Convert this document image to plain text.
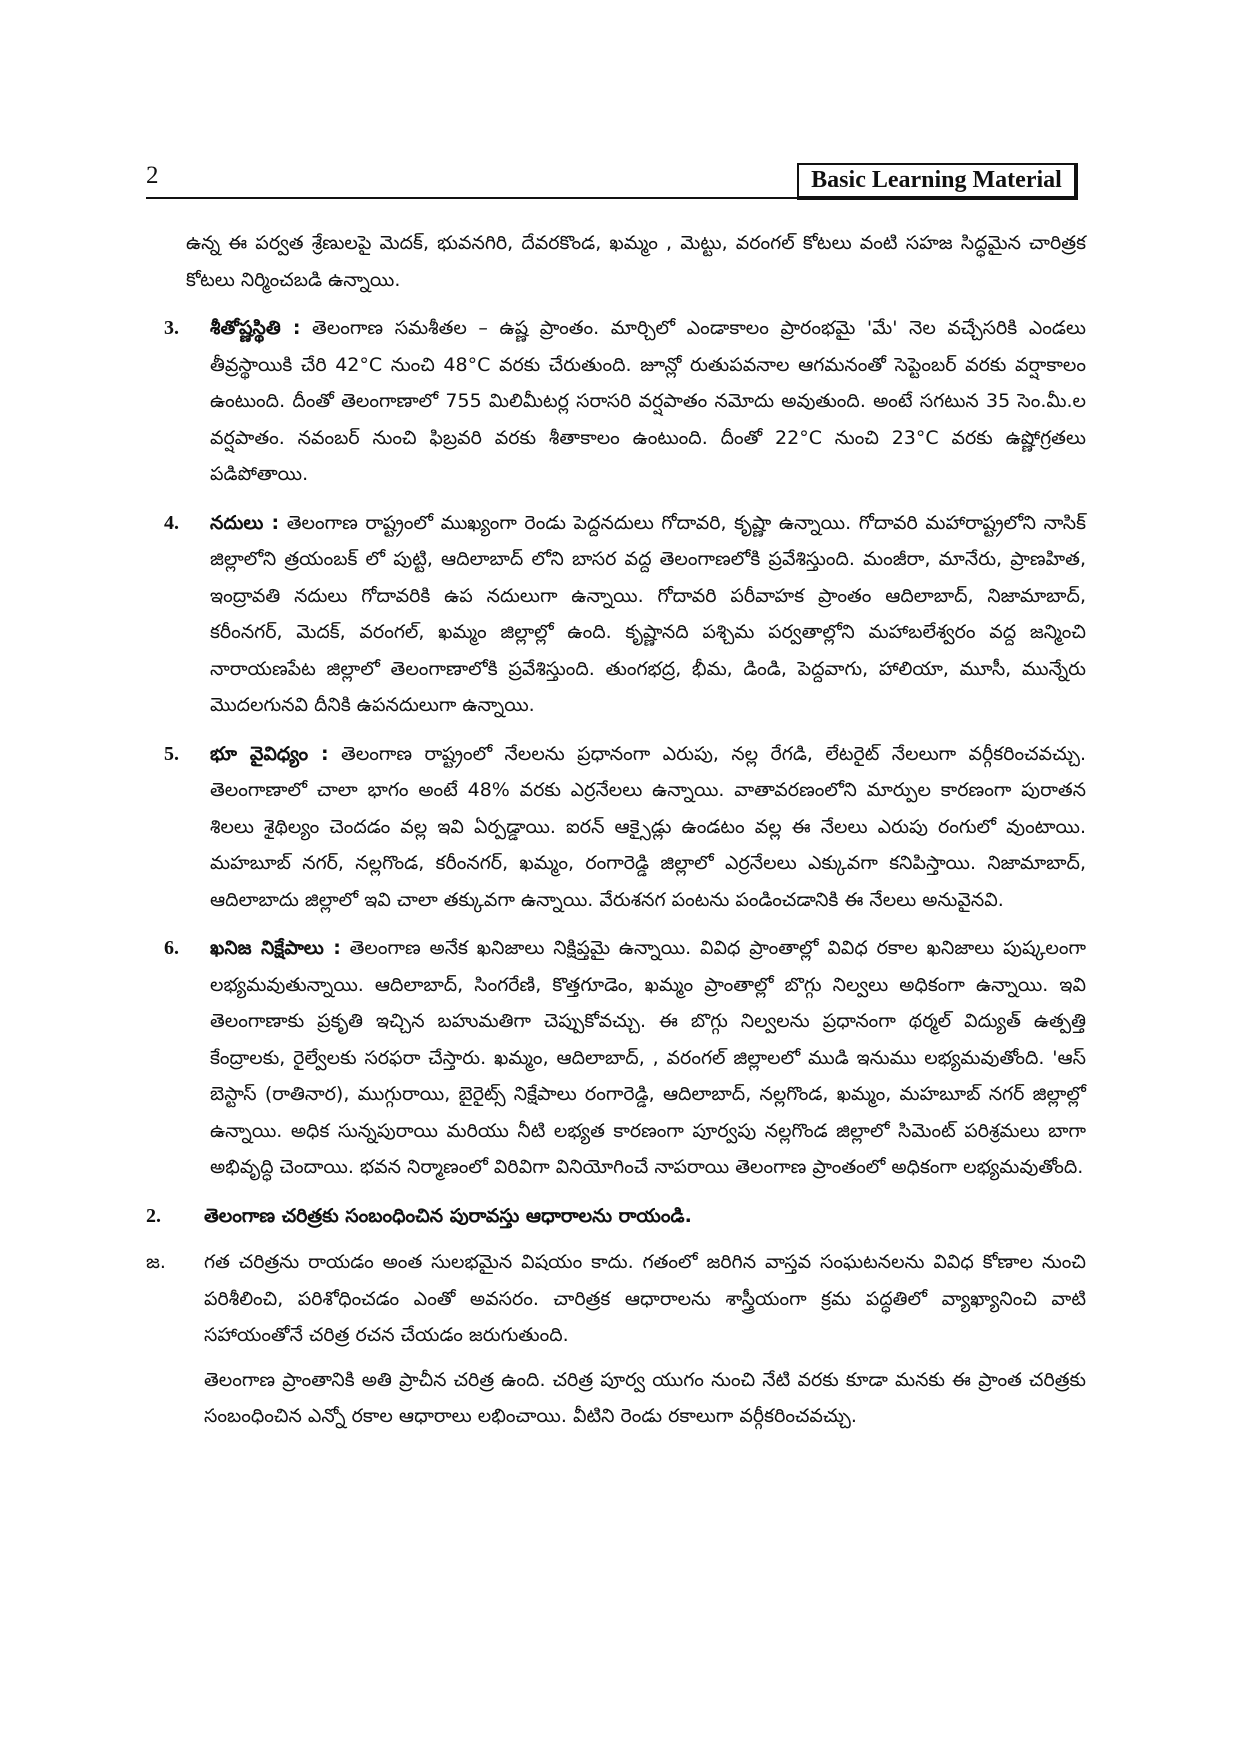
2	Basic Learning Material

ఉన్న ఈ పర్వత శ్రేణులపై మెదక్, భువనగిరి, దేవరకొండ, ఖమ్మం , మెట్టు, వరంగల్ కోటలు వంటి సహజ సిద్ధమైన చారిత్రక కోటలు నిర్మించబడి ఉన్నాయి.

3.	శీతోష్ణస్థితి : తెలంగాణ సమశీతల – ఉష్ణ ప్రాంతం. మార్చిలో ఎండాకాలం ప్రారంభమై 'మే' నెల వచ్చేసరికి ఎండలు తీవ్రస్థాయికి చేరి 42°C నుంచి 48°C వరకు చేరుతుంది. జూన్లో రుతుపవనాల ఆగమనంతో సెప్టెంబర్ వరకు వర్షాకాలం ఉంటుంది. దీంతో తెలంగాణాలో 755 మిలిమీటర్ల సరాసరి వర్షపాతం నమోదు అవుతుంది. అంటే సగటున 35 సెం.మీ.ల వర్షపాతం. నవంబర్ నుంచి ఫిబ్రవరి వరకు శీతాకాలం ఉంటుంది. దీంతో 22°C నుంచి 23°C వరకు ఉష్ణోగ్రతలు పడిపోతాయి.
4.	నదులు : తెలంగాణ రాష్ట్రంలో ముఖ్యంగా రెండు పెద్దనదులు గోదావరి, కృష్ణా ఉన్నాయి. గోదావరి మహారాష్ట్రలోని నాసిక్ జిల్లాలోని త్రయంబక్ లో పుట్టి, ఆదిలాబాద్ లోని బాసర వద్ద తెలంగాణలోకి ప్రవేశిస్తుంది. మంజీరా, మానేరు, ప్రాణహిత, ఇంద్రావతి నదులు గోదావరికి ఉప నదులుగా ఉన్నాయి. గోదావరి పరీవాహక ప్రాంతం ఆదిలాబాద్, నిజామాబాద్, కరీంనగర్, మెదక్, వరంగల్, ఖమ్మం జిల్లాల్లో ఉంది. కృష్ణానది పశ్చిమ పర్వతాల్లోని మహాబలేశ్వరం వద్ద జన్మించి నారాయణపేట జిల్లాలో తెలంగాణాలోకి ప్రవేశిస్తుంది. తుంగభద్ర, భీమ, డిండి, పెద్దవాగు, హాలియా, మూసీ, మున్నేరు మొదలగునవి దీనికి ఉపనదులుగా ఉన్నాయి.
5.	భూ వైవిధ్యం : తెలంగాణ రాష్ట్రంలో నేలలను ప్రధానంగా ఎరుపు, నల్ల రేగడి, లేటరైట్ నేలలుగా వర్గీకరించవచ్చు. తెలంగాణాలో చాలా భాగం అంటే 48% వరకు ఎర్రనేలలు ఉన్నాయి. వాతావరణంలోని మార్పుల కారణంగా పురాతన శిలలు శైథిల్యం చెందడం వల్ల ఇవి ఏర్పడ్డాయి. ఐరన్ ఆక్సైడ్లు ఉండటం వల్ల ఈ నేలలు ఎరుపు రంగులో వుంటాయి. మహబూబ్ నగర్, నల్లగొండ, కరీంనగర్, ఖమ్మం, రంగారెడ్డి జిల్లాలో ఎర్రనేలలు ఎక్కువగా కనిపిస్తాయి. నిజామాబాద్, ఆదిలాబాదు జిల్లాలో ఇవి చాలా తక్కువగా ఉన్నాయి. వేరుశనగ పంటను పండించడానికి ఈ నేలలు అనువైనవి.
6.	ఖనిజ నిక్షేపాలు : తెలంగాణ అనేక ఖనిజాలు నిక్షిప్తమై ఉన్నాయి. వివిధ ప్రాంతాల్లో వివిధ రకాల ఖనిజాలు పుష్కలంగా లభ్యమవుతున్నాయి. ఆదిలాబాద్, సింగరేణి, కొత్తగూడెం, ఖమ్మం ప్రాంతాల్లో బొగ్గు నిల్వలు అధికంగా ఉన్నాయి. ఇవి తెలంగాణాకు ప్రకృతి ఇచ్చిన బహుమతిగా చెప్పుకోవచ్చు. ఈ బొగ్గు నిల్వలను ప్రధానంగా థర్మల్ విద్యుత్ ఉత్పత్తి కేంద్రాలకు, రైల్వేలకు సరఫరా చేస్తారు. ఖమ్మం, ఆదిలాబాద్, , వరంగల్ జిల్లాలలో ముడి ఇనుము లభ్యమవుతోంది. 'ఆస్ బెస్టాస్ (రాతినార), ముగ్గురాయి, బైరైట్స్ నిక్షేపాలు రంగారెడ్డి, ఆదిలాబాద్, నల్లగొండ, ఖమ్మం, మహబూబ్ నగర్ జిల్లాల్లో ఉన్నాయి. అధిక సున్నపురాయి మరియు నీటి లభ్యత కారణంగా పూర్వపు నల్లగొండ జిల్లాలో సిమెంట్ పరిశ్రమలు బాగా అభివృద్ధి చెందాయి. భవన నిర్మాణంలో విరివిగా వినియోగించే నాపరాయి తెలంగాణ ప్రాంతంలో అధికంగా లభ్యమవుతోంది.
2.	తెలంగాణ చరిత్రకు సంబంధించిన పురావస్తు ఆధారాలను రాయండి.
జ.	గత చరిత్రను రాయడం అంత సులభమైన విషయం కాదు. గతంలో జరిగిన వాస్తవ సంఘటనలను వివిధ కోణాల నుంచి పరిశీలించి, పరిశోధించడం ఎంతో అవసరం. చారిత్రక ఆధారాలను శాస్త్రీయంగా క్రమ పద్ధతిలో వ్యాఖ్యానించి వాటి సహాయంతోనే చరిత్ర రచన చేయడం జరుగుతుంది.
తెలంగాణ ప్రాంతానికి అతి ప్రాచీన చరిత్ర ఉంది. చరిత్ర పూర్వ యుగం నుంచి నేటి వరకు కూడా మనకు ఈ ప్రాంత చరిత్రకు సంబంధించిన ఎన్నో రకాల ఆధారాలు లభించాయి. వీటిని రెండు రకాలుగా వర్గీకరించవచ్చు.
